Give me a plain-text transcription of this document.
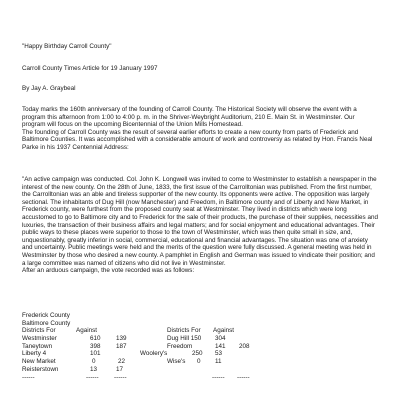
"Happy Birthday Carroll County"

Carroll County Times Article for 19 January 1997

By Jay A. Graybeal

Today marks the 160th anniversary of the founding of Carroll County. The Historical Society will observe the event with a program this afternoon from 1:00 to 4:00 p. m. in the Shriver-Weybright Auditorium, 210 E. Main St. in Westminster. Our program will focus on the upcoming Bicentennial of the Union Mills Homestead.

The founding of Carroll County was the result of several earlier efforts to create a new county from parts of Frederick and Baltimore Counties. It was accomplished with a considerable amount of work and controversy as related by Hon. Francis Neal Parke in his 1937 Centennial Address:

"An active campaign was conducted. Col. John K. Longwell was invited to come to Westminster to establish a newspaper in the interest of the new county. On the 28th of June, 1833, the first issue of the Carrolltonian was published. From the first number, the Carrolltonian was an able and tireless supporter of the new county. Its opponents were active. The opposition was largely sectional. The inhabitants of Dug Hill (now Manchester) and Freedom, in Baltimore county and of Liberty and New Market, in Frederick county, were furthest from the proposed county seat at Westminster. They lived in districts which were long accustomed to go to Baltimore city and to Frederick for the sale of their products, the purchase of their supplies, necessities and luxuries, the transaction of their business affairs and legal matters; and for social enjoyment and educational advantages. Their public ways to these places were superior to those to the town of Westminster, which was then quite small in size, and, unquestionably, greatly inferior in social, commercial, educational and financial advantages. The situation was one of anxiety and uncertainty. Public meetings were held and the merits of the question were fully discussed. A general meeting was held in Westminster by those who desired a new county. A pamphlet in English and German was issued to vindicate their position; and a large committee was named of citizens who did not live in Westminster.

After an arduous campaign, the vote recorded was as follows:

Frederick County

Baltimore County

Districts For	Against	Districts For Against
Westminster	610 139	Dug Hill 150 304
Taneytown	398 187	Freedom	141 208
Liberty 4	101	Woolery's	250 53
New Market	0	22	Wise's 0 11
Reisterstown	13	17
------	------ ------	------ ------
